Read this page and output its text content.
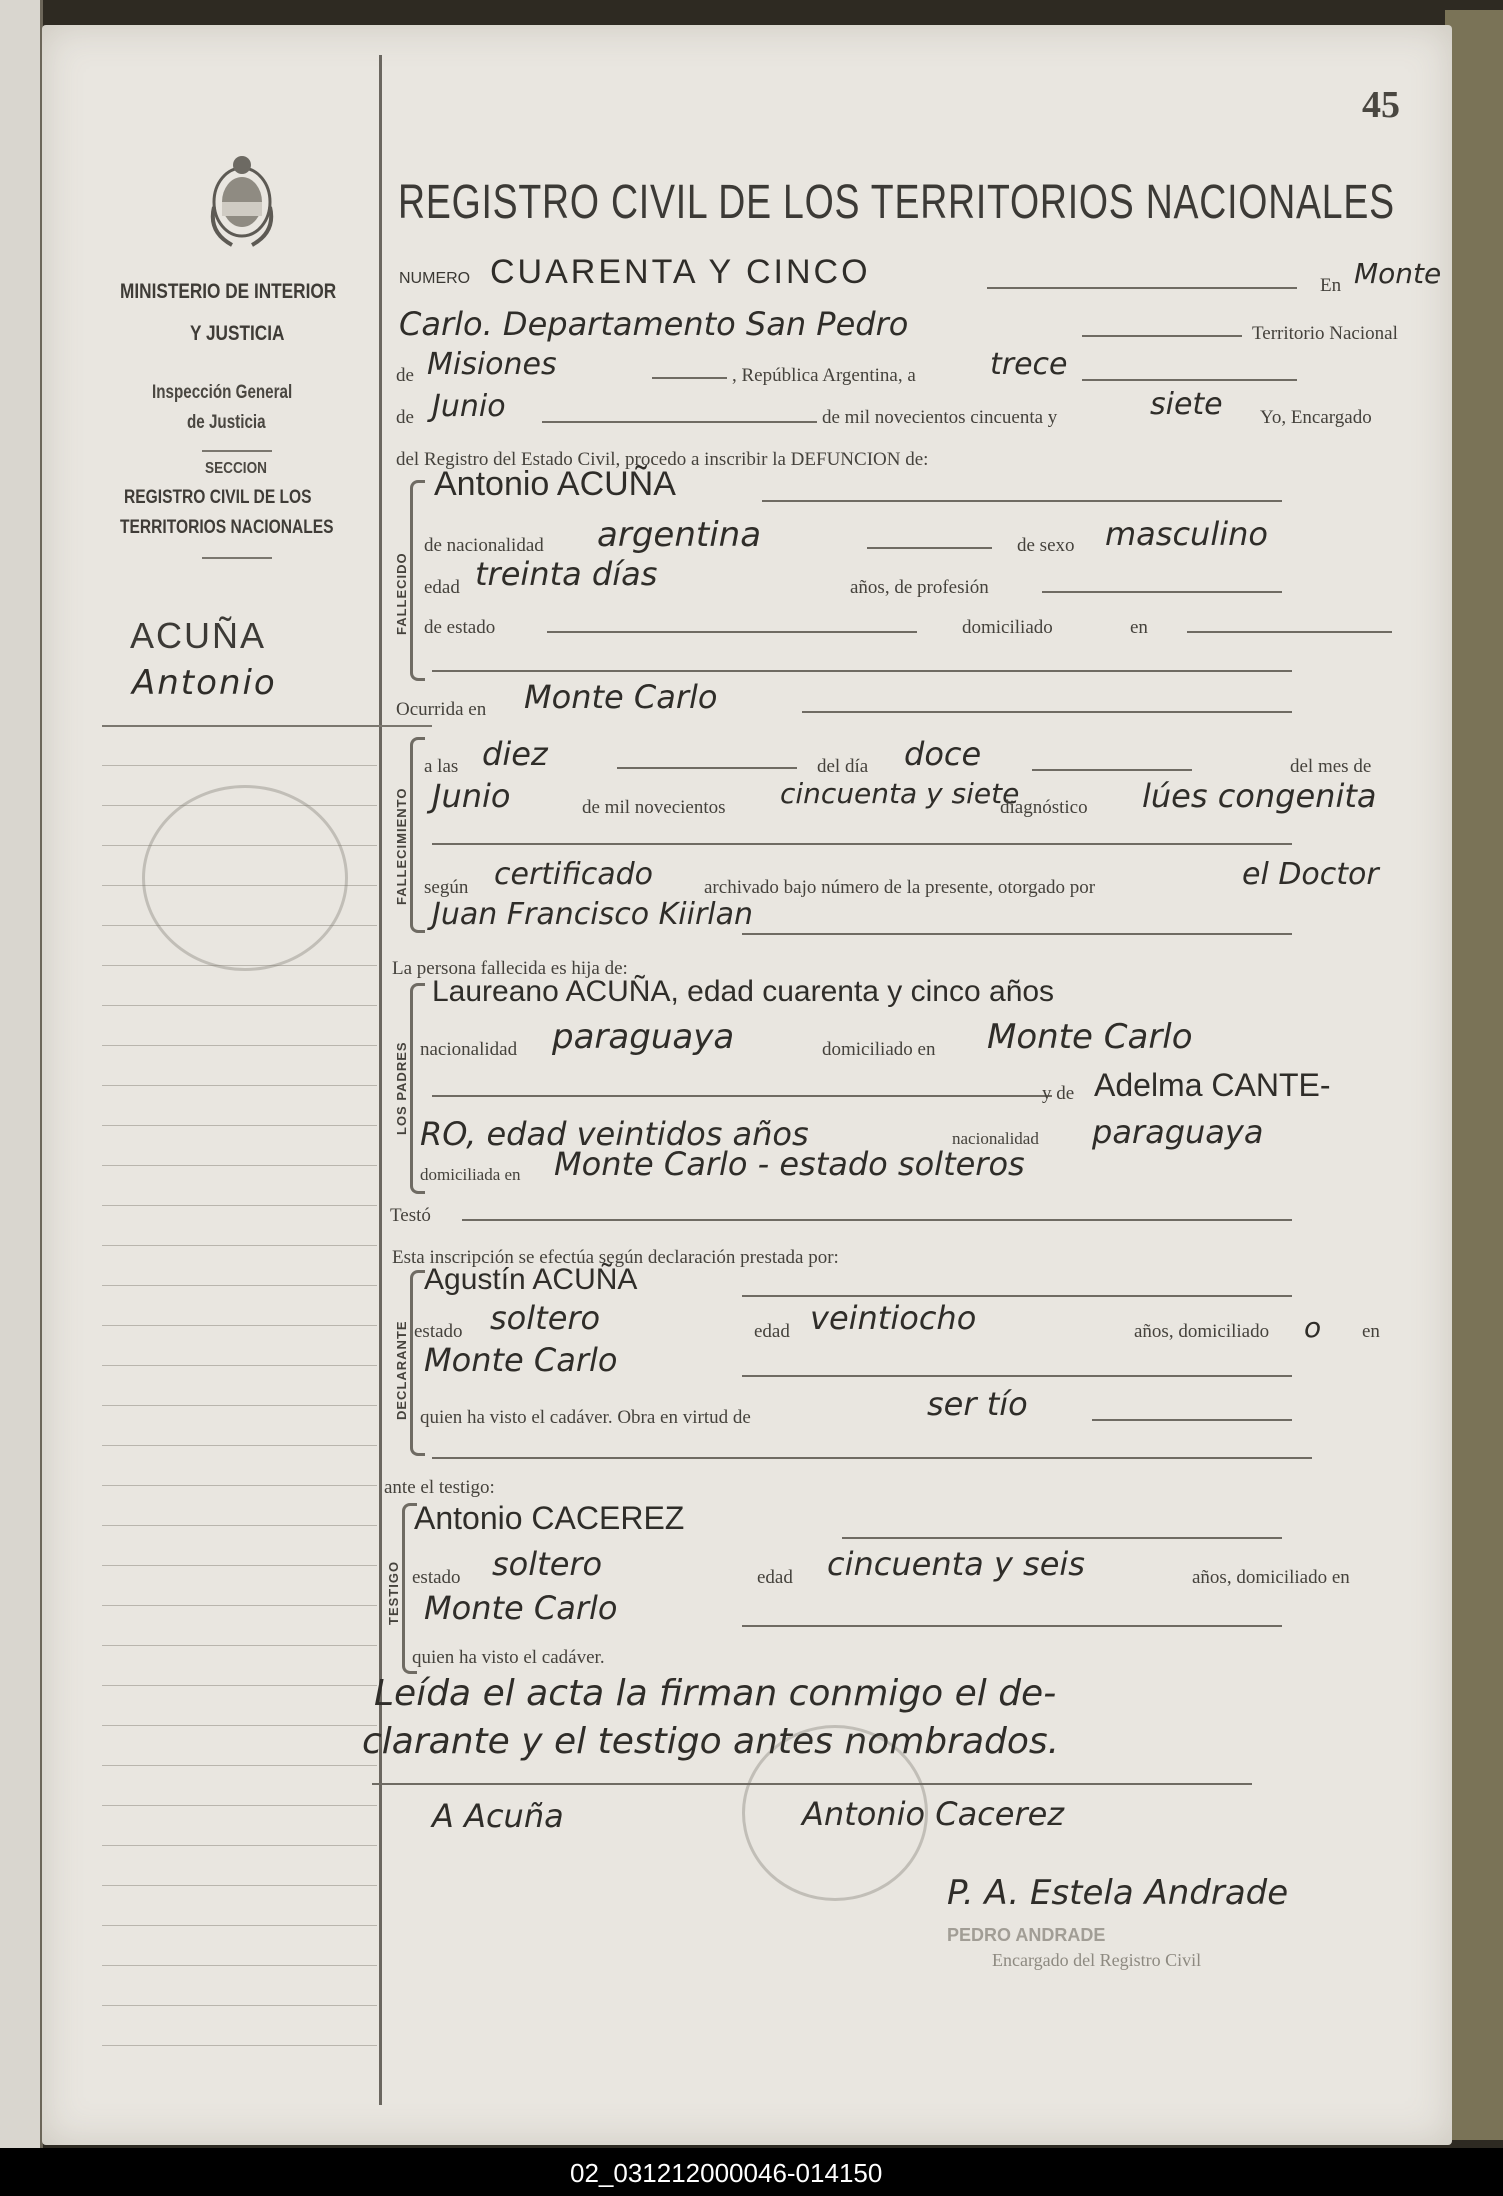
MINISTERIO DE INTERIOR
Y JUSTICIA
Inspección General
de Justicia
SECCION
REGISTRO CIVIL DE LOS
TERRITORIOS NACIONALES
ACUÑA
Antonio
45
REGISTRO CIVIL DE LOS TERRITORIOS NACIONALES
NUMERO CUARENTA Y CINCO	En Monte
Carlo. Departamento San Pedro	Territorio Nacional
de Misiones	, República Argentina, a trece
de Junio	de mil novecientos cincuenta y	siete Yo, Encargado
del Registro del Estado Civil, procedo a inscribir la DEFUNCION de:
FALLECIDO
Antonio ACUÑA
de nacionalidad argentina	de sexo masculino
edad treinta días	años, de profesión
de estado	domiciliado	en
Ocurrida en Monte Carlo
FALLECIMIENTO
a las diez	del día doce	del mes de
Junio	de mil novecientos cincuenta y siete
diagnóstico lúes congenita
según certificado	archivado bajo número de la presente, otorgado por	el Doctor
Juan Francisco Kiirlan
La persona fallecida es hija de:
LOS PADRES
Laureano ACUÑA, edad cuarenta y cinco años
nacionalidad paraguaya	domiciliado en Monte Carlo
y de Adelma CANTE-
RO, edad veintidos años	nacionalidad paraguaya
domiciliada en Monte Carlo - estado solteros
Testó
Esta inscripción se efectúa según declaración prestada por:
DECLARANTE
Agustín ACUÑA
estado soltero	edad veintiocho	años, domiciliado o en
Monte Carlo
quien ha visto el cadáver. Obra en virtud de	ser tío
ante el testigo:
TESTIGO
Antonio CACEREZ
estado soltero	edad cincuenta y seis	años, domiciliado en
Monte Carlo
quien ha visto el cadáver.
Leída el acta la firman conmigo el de-
clarante y el testigo antes nombrados.
A Acuña	Antonio Cacerez
P. A. Estela Andrade
PEDRO ANDRADE
Encargado del Registro Civil
02_031212000046-014150
